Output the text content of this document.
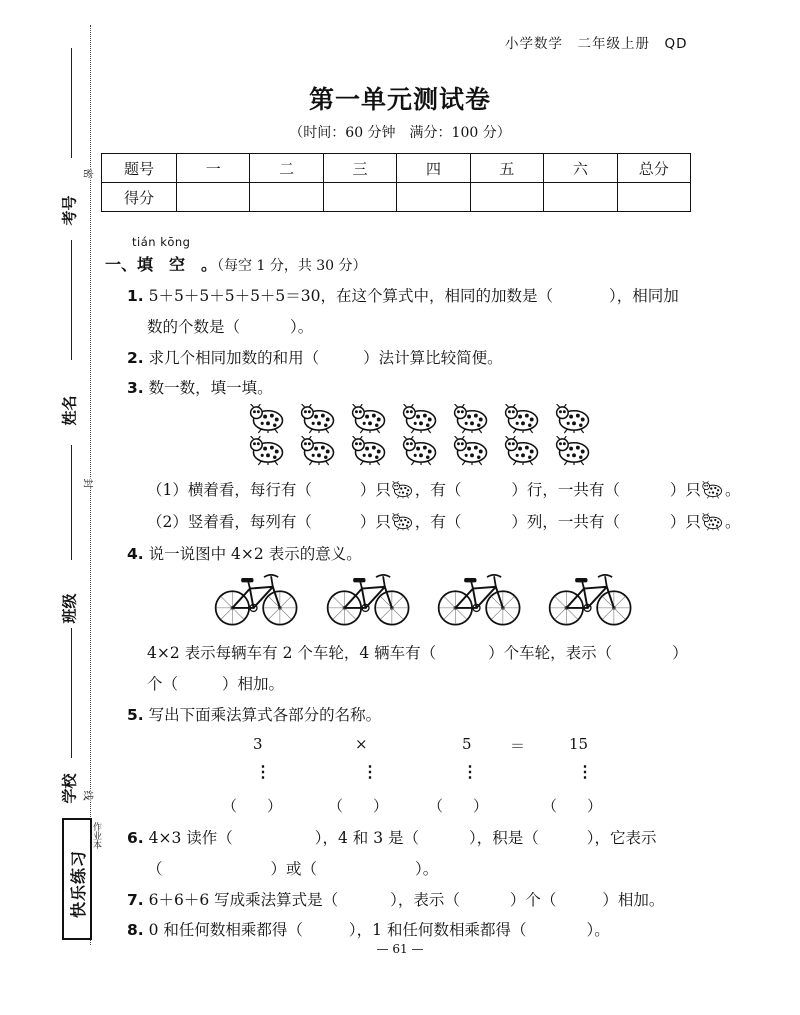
考号
姓名
班级
学校
密
封
线
快乐练习
作业本
小学数学　二年级上册　QD
第一单元测试卷
（时间：60 分钟　满分：100 分）
题号	一	二	三	四	五	六	总分
得分							
tián kōng
一、填　空　。（每空 1 分，共 30 分）
1. 5＋5＋5＋5＋5＋5＝30，在这个算式中，相同的加数是（	），相同加
数的个数是（	）。
2. 求几个相同加数的和用（	）法计算比较简便。
3. 数一数，填一填。
（1）横着看，每行有（	）只 ，有（	）行，一共有（	）只 。
（2）竖着看，每列有（	）只 ，有（	）列，一共有（	）只 。
4. 说一说图中 4×2 表示的意义。
4×2 表示每辆车有 2 个车轮，4 辆车有（	）个车轮，表示（	）
个（	）相加。
5. 写出下面乘法算式各部分的名称。
3	×	5	＝	15
⋮	⋮	⋮	⋮
（　　）	（　　）	（　　）	（　　）
6. 4×3 读作（	），4 和 3 是（	），积是（	），它表示
（	）或（	）。
7. 6＋6＋6 写成乘法算式是（	），表示（	）个（	）相加。
8. 0 和任何数相乘都得（	），1 和任何数相乘都得（	）。
— 61 —
